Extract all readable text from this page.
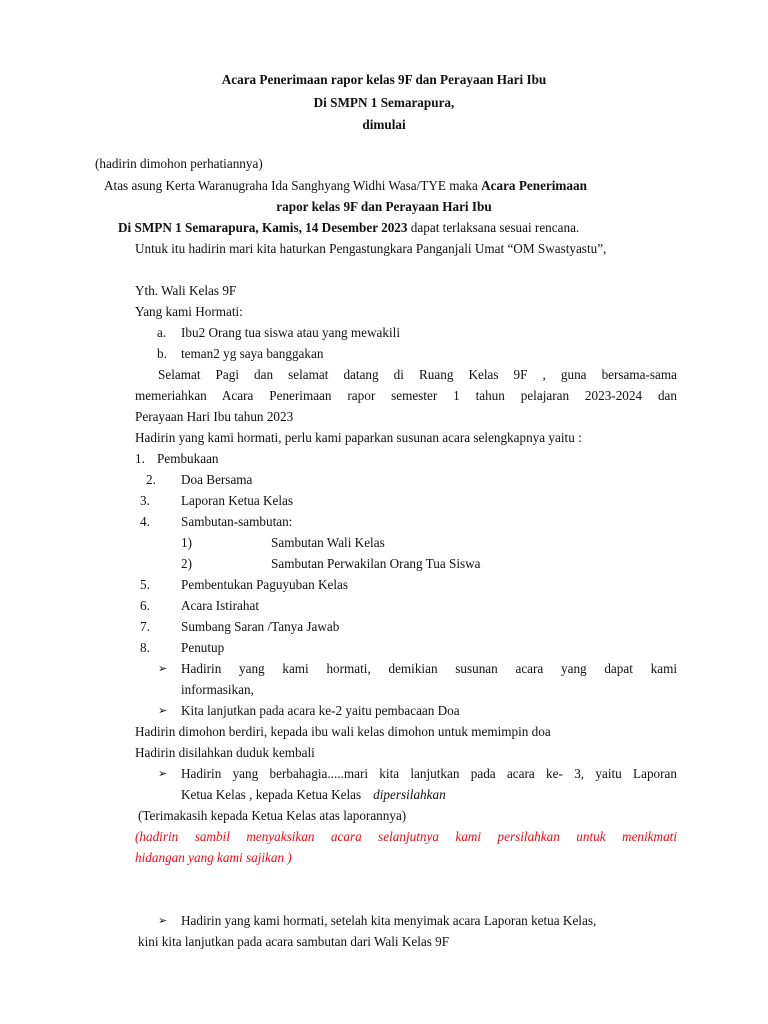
Acara Penerimaan rapor kelas 9F dan Perayaan Hari Ibu
Di SMPN 1 Semarapura,
dimulai
(hadirin dimohon perhatiannya)
Atas asung Kerta Waranugraha Ida Sanghyang Widhi Wasa/TYE maka Acara Penerimaan
rapor kelas 9F dan Perayaan Hari Ibu
Di SMPN 1 Semarapura, Kamis, 14 Desember 2023 dapat terlaksana sesuai rencana.
Untuk itu hadirin mari kita haturkan Pengastungkara Panganjali Umat “OM Swastyastu”,
Yth. Wali Kelas 9F
Yang kami Hormati:
a. Ibu2 Orang tua siswa atau yang mewakili
b. teman2 yg saya banggakan
Selamat Pagi dan selamat datang di Ruang Kelas 9F , guna bersama-sama
memeriahkan Acara Penerimaan rapor semester 1 tahun pelajaran 2023-2024 dan
Perayaan Hari Ibu tahun 2023
Hadirin yang kami hormati, perlu kami paparkan susunan acara selengkapnya yaitu :
1. Pembukaan
2. Doa Bersama
3. Laporan Ketua Kelas
4. Sambutan-sambutan:
1)	Sambutan Wali Kelas
2)	Sambutan Perwakilan Orang Tua Siswa
5. Pembentukan Paguyuban Kelas
6. Acara Istirahat
7. Sumbang Saran /Tanya Jawab
8. Penutup
➢ Hadirin yang kami hormati, demikian susunan acara yang dapat kami
informasikan,
➢ Kita lanjutkan pada acara ke-2 yaitu pembacaan Doa
Hadirin dimohon berdiri, kepada ibu wali kelas dimohon untuk memimpin doa
Hadirin disilahkan duduk kembali
➢ Hadirin yang berbahagia.....mari kita lanjutkan pada acara ke- 3, yaitu Laporan
Ketua Kelas , kepada Ketua Kelas dipersilahkan
(Terimakasih kepada Ketua Kelas atas laporannya)
(hadirin sambil menyaksikan acara selanjutnya kami persilahkan untuk menikmati
hidangan yang kami sajikan )
➢ Hadirin yang kami hormati, setelah kita menyimak acara Laporan ketua Kelas,
kini kita lanjutkan pada acara sambutan dari Wali Kelas 9F
